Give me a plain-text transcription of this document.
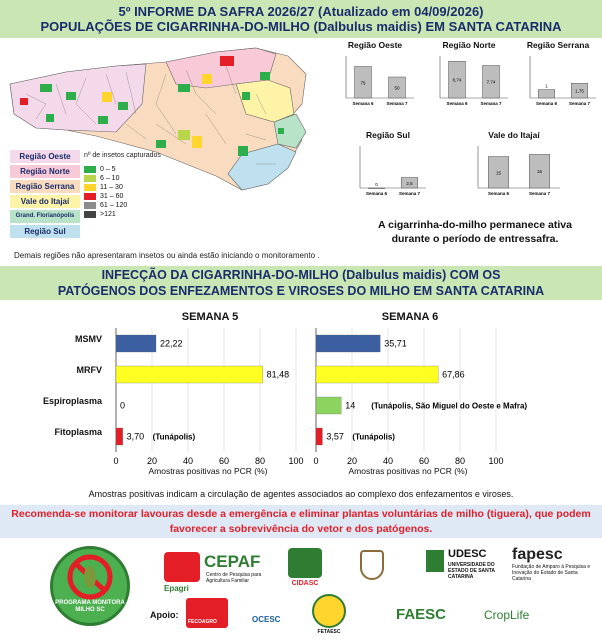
5º INFORME DA SAFRA 2026/27 (Atualizado em 04/09/2026)
POPULAÇÕES DE CIGARRINHA-DO-MILHO (Dalbulus maidis) EM SANTA CATARINA
Região Oeste
Região Norte
Região Serrana
Vale do Itajaí
Grand. Florianópolis
Região Sul
nº de insetos capturados
0 – 5
6 – 10
11 – 30
31 – 60
61 – 120
>121
Demais regiões não apresentaram insetos ou ainda estão iniciando o monitoramento .
Região Oeste
75
Semana 6
50
Semana 7
Região Norte
8,74
Semana 6
7,74
Semana 7
Região Serrana
1
Semana 6
1,75
Semana 7
Região Sul
0
Semana 6
2,5
Semana 7
Vale do Itajaí
15
Semana 6
16
Semana 7
A cigarrinha-do-milho permanece ativa durante o período de entressafra.
INFECÇÃO DA CIGARRINHA-DO-MILHO (Dalbulus maidis) COM OS
PATÓGENOS DOS ENFEZAMENTOS E VIROSES DO MILHO EM SANTA CATARINA
SEMANA 5	SEMANA 6
MSMV
MRFV
Espiroplasma
Fitoplasma
0	20	40	60	80	100
22,22
81,48
0
3,70 (Tunápolis)
0	20	40	60	80	100
35,71
67,86
14 (Tunápolis, São Miguel do Oeste e Mafra)
3,57 (Tunápolis)
Amostras positivas no PCR (%)	Amostras positivas no PCR (%)
Amostras positivas indicam a circulação de agentes associados ao complexo dos enfezamentos e viroses.
Recomenda-se monitorar lavouras desde a emergência e eliminar plantas voluntárias de milho (tiguera), que podem favorecer a sobrevivência do vetor e dos patógenos.
PROGRAMA MONITORA MILHO SC
Epagri
CEPAF
Centro de Pesquisa para Agricultura Familiar	CIDASC
UDESC
UNIVERSIDADE DO ESTADO DE SANTA CATARINA
fapesc
Fundação de Amparo à Pesquisa e Inovação do Estado de Santa Catarina
Apoio:
FECOAGRO	OCESC
FETAESC
FAESC	CropLife
